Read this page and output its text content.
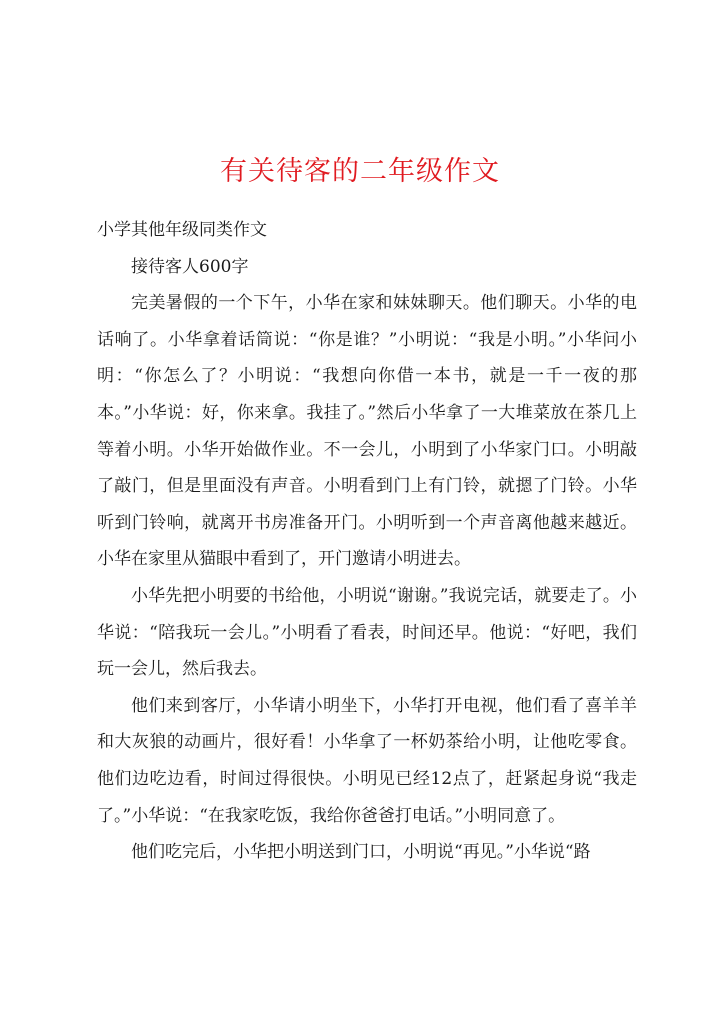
有关待客的二年级作文

小学其他年级同类作文

接待客人600字

完美暑假的一个下午，小华在家和妹妹聊天。他们聊天。小华的电话响了。小华拿着话筒说：“你是谁？”小明说：“我是小明。”小华问小明：“你怎么了？小明说：“我想向你借一本书，就是一千一夜的那本。”小华说：好，你来拿。我挂了。”然后小华拿了一大堆菜放在茶几上等着小明。小华开始做作业。不一会儿，小明到了小华家门口。小明敲了敲门，但是里面没有声音。小明看到门上有门铃，就摁了门铃。小华听到门铃响，就离开书房准备开门。小明听到一个声音离他越来越近。小华在家里从猫眼中看到了，开门邀请小明进去。

小华先把小明要的书给他，小明说“谢谢。”我说完话，就要走了。小华说：“陪我玩一会儿。”小明看了看表，时间还早。他说：“好吧，我们玩一会儿，然后我去。

他们来到客厅，小华请小明坐下，小华打开电视，他们看了喜羊羊和大灰狼的动画片，很好看！小华拿了一杯奶茶给小明，让他吃零食。他们边吃边看，时间过得很快。小明见已经12点了，赶紧起身说“我走了。”小华说：“在我家吃饭，我给你爸爸打电话。”小明同意了。

他们吃完后，小华把小明送到门口，小明说“再见。”小华说“路
